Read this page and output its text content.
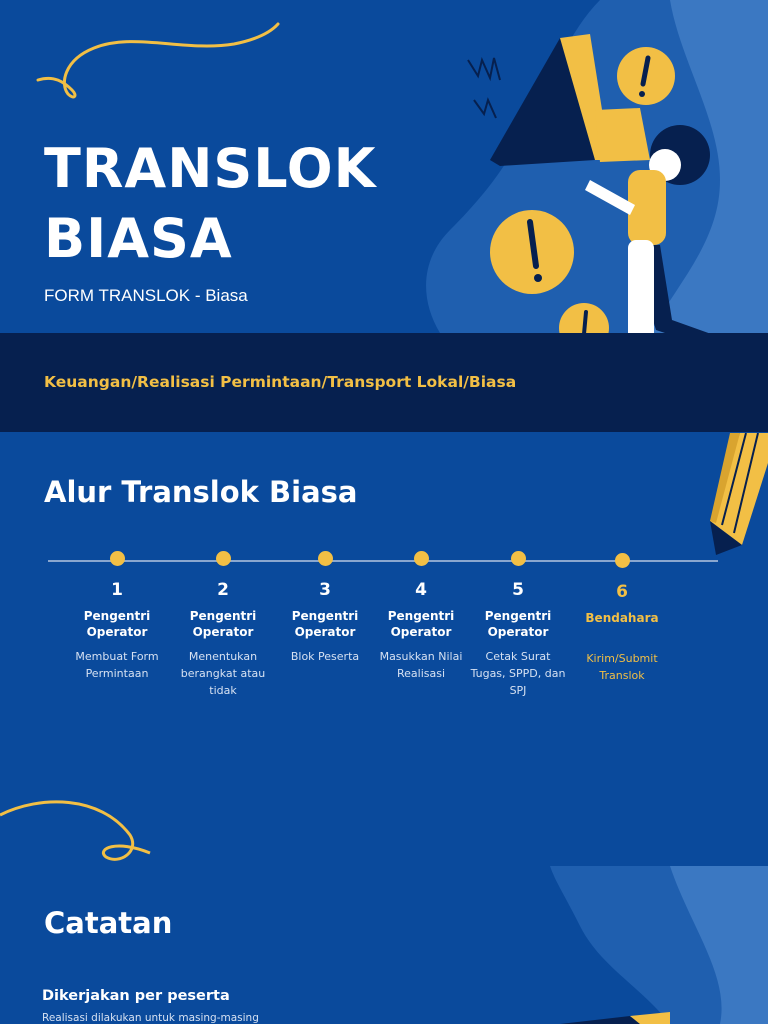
TRANSLOK
BIASA
FORM TRANSLOK - Biasa
Keuangan/Realisasi Permintaan/Transport Lokal/Biasa
Alur Translok Biasa
1
Pengentri
Operator
Membuat Form
Permintaan
2
Pengentri
Operator
Menentukan
berangkat atau
tidak
3
Pengentri
Operator
Blok Peserta
4
Pengentri
Operator
Masukkan Nilai
Realisasi
5
Pengentri
Operator
Cetak Surat
Tugas, SPPD, dan
SPJ
6
Bendahara
Kirim/Submit
Translok
Catatan
Dikerjakan per peserta
Realisasi dilakukan untuk masing-masing
